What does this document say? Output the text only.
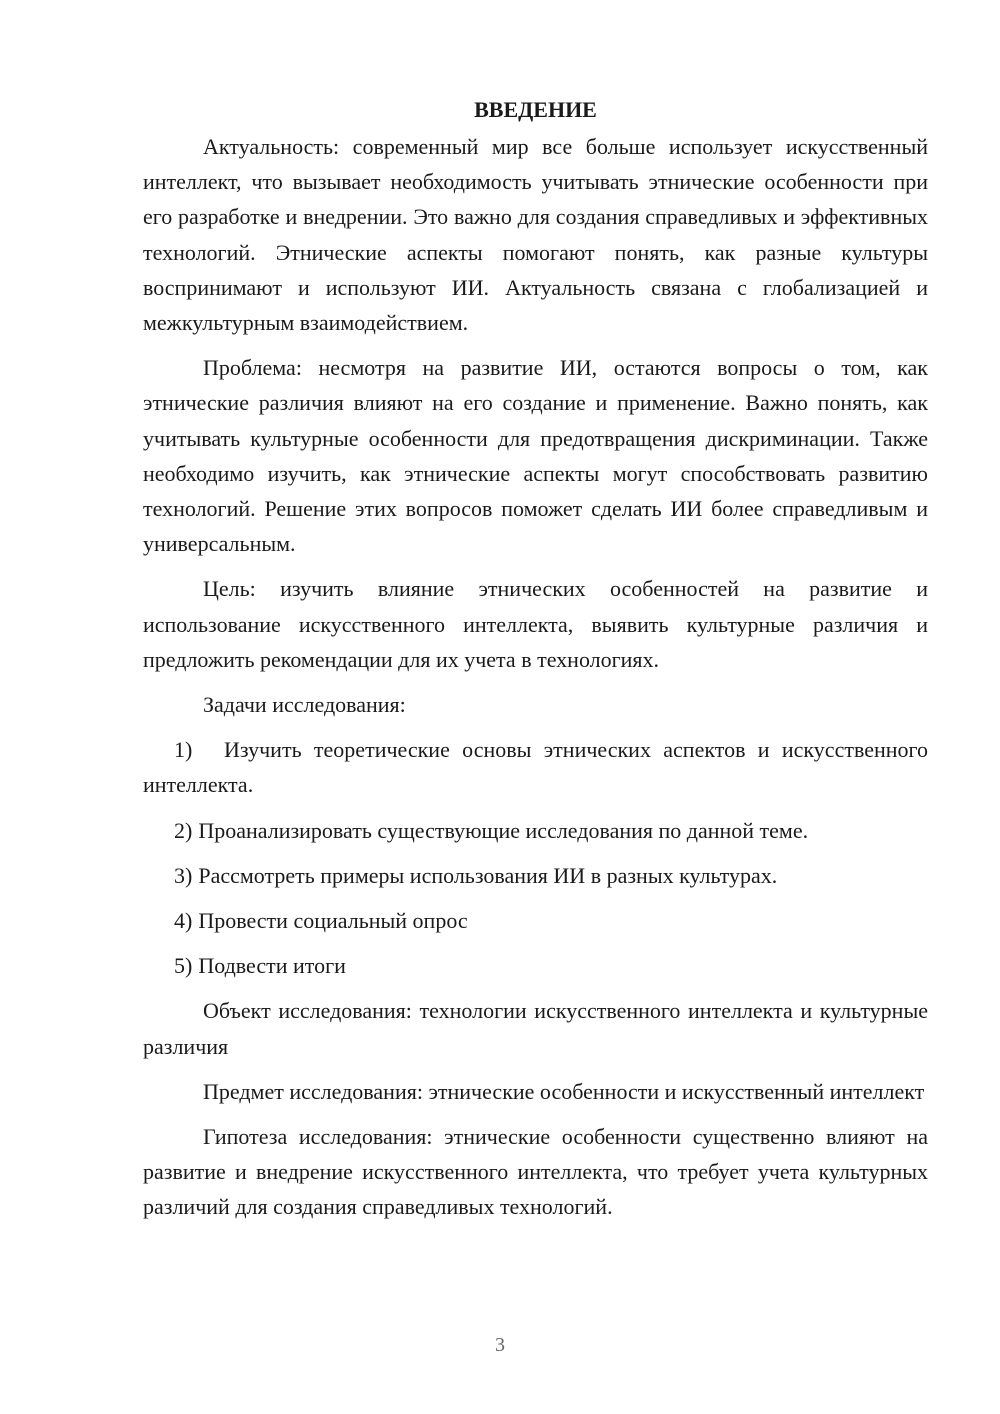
ВВЕДЕНИЕ

Актуальность: современный мир все больше использует искусственный интеллект, что вызывает необходимость учитывать этнические особенности при его разработке и внедрении. Это важно для создания справедливых и эффективных технологий. Этнические аспекты помогают понять, как разные культуры воспринимают и используют ИИ. Актуальность связана с глобализацией и межкультурным взаимодействием.

Проблема: несмотря на развитие ИИ, остаются вопросы о том, как этнические различия влияют на его создание и применение. Важно понять, как учитывать культурные особенности для предотвращения дискриминации. Также необходимо изучить, как этнические аспекты могут способствовать развитию технологий. Решение этих вопросов поможет сделать ИИ более справедливым и универсальным.

Цель: изучить влияние этнических особенностей на развитие и использование искусственного интеллекта, выявить культурные различия и предложить рекомендации для их учета в технологиях.

Задачи исследования:

1) Изучить теоретические основы этнических аспектов и искусственного интеллекта.

2) Проанализировать существующие исследования по данной теме.

3) Рассмотреть примеры использования ИИ в разных культурах.

4) Провести социальный опрос

5) Подвести итоги

Объект исследования: технологии искусственного интеллекта и культурные различия

Предмет исследования: этнические особенности и искусственный интеллект

Гипотеза исследования: этнические особенности существенно влияют на развитие и внедрение искусственного интеллекта, что требует учета культурных различий для создания справедливых технологий.

3
